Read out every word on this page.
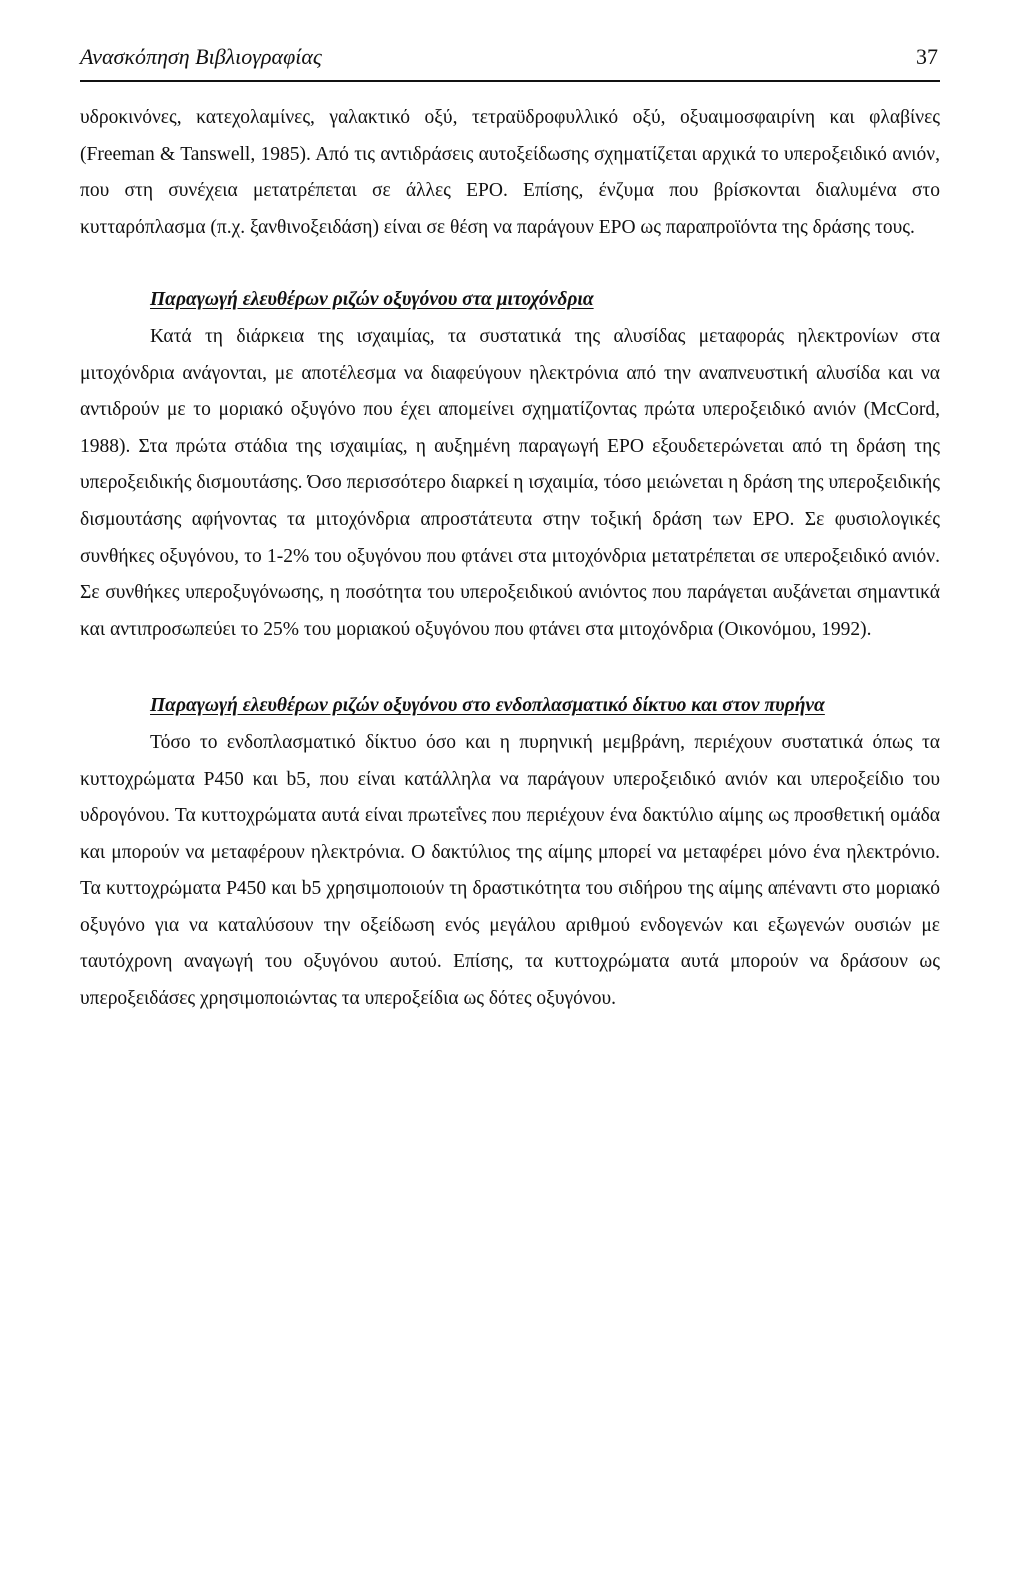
Ανασκόπηση Βιβλιογραφίας	37

υδροκινόνες, κατεχολαμίνες, γαλακτικό οξύ, τετραϋδροφυλλικό οξύ, οξυαιμοσφαιρίνη και φλαβίνες (Freeman & Tanswell, 1985). Από τις αντιδράσεις αυτοξείδωσης σχηματίζεται αρχικά το υπεροξειδικό ανιόν, που στη συνέχεια μετατρέπεται σε άλλες ΕΡΟ. Επίσης, ένζυμα που βρίσκονται διαλυμένα στο κυτταρόπλασμα (π.χ. ξανθινοξειδάση) είναι σε θέση να παράγουν ΕΡΟ ως παραπροϊόντα της δράσης τους.

Παραγωγή ελευθέρων ριζών οξυγόνου στα μιτοχόνδρια

Κατά τη διάρκεια της ισχαιμίας, τα συστατικά της αλυσίδας μεταφοράς ηλεκτρονίων στα μιτοχόνδρια ανάγονται, με αποτέλεσμα να διαφεύγουν ηλεκτρόνια από την αναπνευστική αλυσίδα και να αντιδρούν με το μοριακό οξυγόνο που έχει απομείνει σχηματίζοντας πρώτα υπεροξειδικό ανιόν (McCord, 1988). Στα πρώτα στάδια της ισχαιμίας, η αυξημένη παραγωγή ΕΡΟ εξουδετερώνεται από τη δράση της υπεροξειδικής δισμουτάσης. Όσο περισσότερο διαρκεί η ισχαιμία, τόσο μειώνεται η δράση της υπεροξειδικής δισμουτάσης αφήνοντας τα μιτοχόνδρια απροστάτευτα στην τοξική δράση των ΕΡΟ. Σε φυσιολογικές συνθήκες οξυγόνου, το 1-2% του οξυγόνου που φτάνει στα μιτοχόνδρια μετατρέπεται σε υπεροξειδικό ανιόν. Σε συνθήκες υπεροξυγόνωσης, η ποσότητα του υπεροξειδικού ανιόντος που παράγεται αυξάνεται σημαντικά και αντιπροσωπεύει το 25% του μοριακού οξυγόνου που φτάνει στα μιτοχόνδρια (Οικονόμου, 1992).

Παραγωγή ελευθέρων ριζών οξυγόνου στο ενδοπλασματικό δίκτυο και στον πυρήνα

Τόσο το ενδοπλασματικό δίκτυο όσο και η πυρηνική μεμβράνη, περιέχουν συστατικά όπως τα κυττοχρώματα Ρ450 και b5, που είναι κατάλληλα να παράγουν υπεροξειδικό ανιόν και υπεροξείδιο του υδρογόνου. Τα κυττοχρώματα αυτά είναι πρωτεΐνες που περιέχουν ένα δακτύλιο αίμης ως προσθετική ομάδα και μπορούν να μεταφέρουν ηλεκτρόνια. Ο δακτύλιος της αίμης μπορεί να μεταφέρει μόνο ένα ηλεκτρόνιο. Τα κυττοχρώματα Ρ450 και b5 χρησιμοποιούν τη δραστικότητα του σιδήρου της αίμης απέναντι στο μοριακό οξυγόνο για να καταλύσουν την οξείδωση ενός μεγάλου αριθμού ενδογενών και εξωγενών ουσιών με ταυτόχρονη αναγωγή του οξυγόνου αυτού. Επίσης, τα κυττοχρώματα αυτά μπορούν να δράσουν ως υπεροξειδάσες χρησιμοποιώντας τα υπεροξείδια ως δότες οξυγόνου.
